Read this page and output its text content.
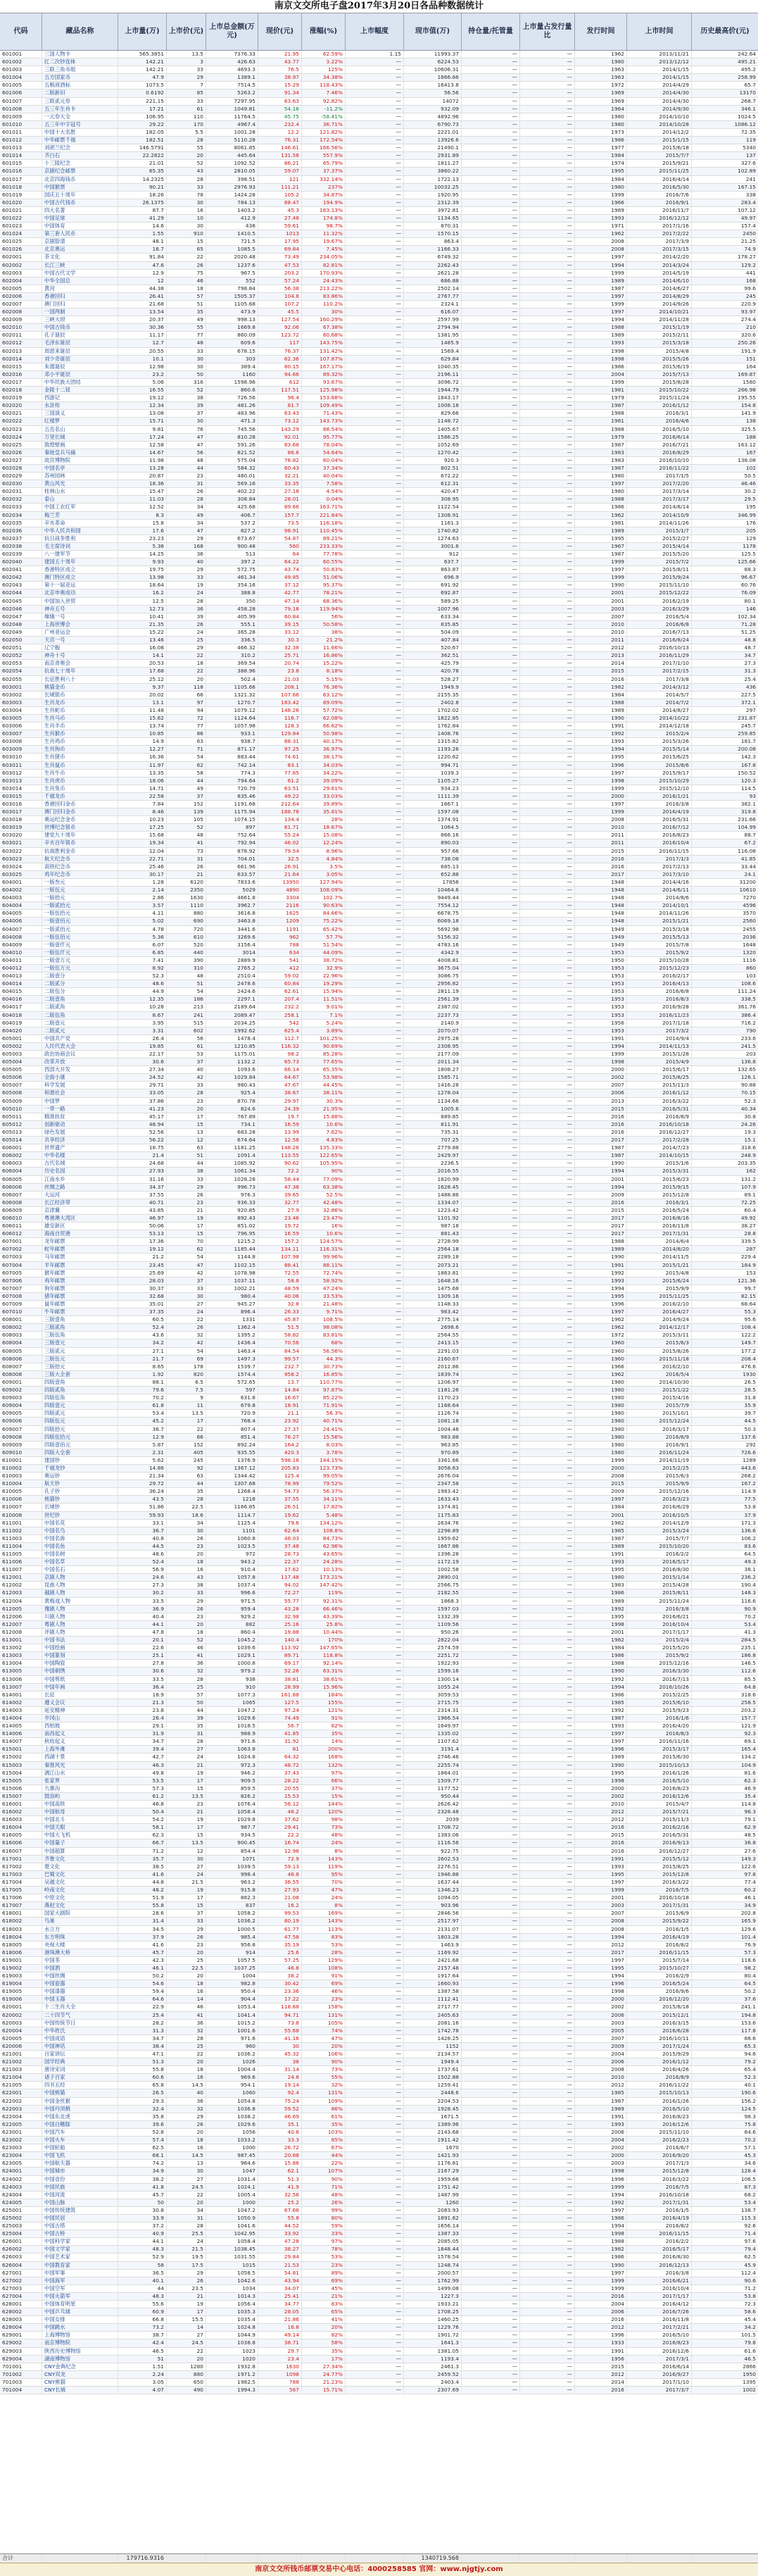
南京文交所电子盘2017年3月20日各品种数据统计
代码	藏品名称	上市量(万)	上市价(元)
上市总金额(万元)
现价(元)	涨幅(%)	上市幅度	现市值(万)	持仓量/托管量
上市量占发行量比
发行时间	上市时间	历史最高价(元)
601001	三国人物卡	565.3851	13.5	7376.33	21.95	62.59%	1.15	11993.37	—	—	1962	2013/11/21	242.64
601002	红二次钞连体	142.21	3	426.63	43.77	3.22%	—	6224.53	—	—	1980	2013/12/12	495.21
601003	三联三角币组	142.21	33	4693.3	76.5	125%	—	10606.31	—	—	1963	2014/1/15	495.2
601004	五方国家币	47.9	29	1389.1	38.97	34.38%	—	1866.66	—	—	1963	2014/1/15	258.99
601005	五粮液酒标	1073.5	7	7514.5	15.29	118.43%	—	16413.8	—	—	1972	2014/4/29	65.7
601006	二版新旧	0.6192	85	5263.2	91.34	7.46%	—	56.56	—	—	1969	2014/4/30	13170
601007	三联贰元券	221.15	33	7297.95	63.63	92.82%	—	14072	—	—	1969	2014/4/30	268.7
601008	五三年生肖卡	17.21	61	1049.81	54.16	-11.2%	—	932.09	—	—	1964	2014/9/30	346.1
601009	一元券大全	106.95	110	11764.5	45.75	-58.41%	—	4892.96	—	—	1980	2014/10/10	1024.5
601010	五三年中字冠号	29.22	170	4967.4	232.4	36.71%	—	6790.73	—	—	1980	2014/10/28	1086.12
601011	中国十大名胜	182.05	5.5	1001.28	12.2	121.82%	—	2221.01	—	—	1973	2014/12/2	72.35
601012	中华邮票千禧	182.51	28	5110.28	76.31	172.54%	—	13926.6	—	—	1986	2015/1/15	119
601013	刘胡兰纪念	146.5791	55	8061.85	146.61	166.56%	—	21490.1	—	—	1977	2015/6/18	5340
601014	齐白石	22.2822	20	445.64	131.58	557.9%	—	2931.89	—	—	1984	2015/7/7	137
601015	十三陵纪念	21.01	52	1092.52	86.21	65.79%	—	1811.27	—	—	1974	2015/9/21	327.6
601016	京剧纪念邮票	65.35	43	2810.05	59.07	37.37%	—	3860.22	—	—	1995	2015/11/25	102.89
601017	北京四海钱币	14.2325	28	398.51	121	332.14%	—	1722.13	—	—	1984	2016/4/14	241
601018	中国猴票	90.21	33	2976.93	111.21	237%	—	10032.25	—	—	1980	2016/5/30	167.15
601019	国庆五十周年	18.26	78	1424.28	105.2	34.87%	—	1920.95	—	—	1999	2016/7/6	338
601020	中国古代钱币	26.1375	30	784.13	88.47	194.9%	—	2312.39	—	—	1966	2016/9/1	283.4
601021	四大名著	87.7	16	1403.2	45.3	183.13%	—	3972.81	—	—	1989	2016/11/7	107.12
601022	中国足球	41.29	10	412.9	27.48	174.8%	—	1134.65	—	—	1993	2016/12/12	49.97
601023	中国体育	14.6	30	438	59.61	98.7%	—	870.31	—	—	1971	2017/1/16	157.4
601024	第三套人民币	1.55	910	1410.5	1013	11.32%	—	1570.15	—	—	1962	2017/2/22	2450
601025	京剧脸谱	48.1	15	721.5	17.95	19.67%	—	863.4	—	—	2008	2017/3/9	21.25
601026	北京奥运	16.7	65	1085.5	69.84	7.45%	—	1166.33	—	—	2008	2017/3/15	74.9
602001	茶文化	91.84	22	2020.48	73.49	234.05%	—	6749.32	—	—	1997	2014/2/20	178.27
602002	长江三峡	47.6	26	1237.6	47.53	82.81%	—	2262.43	—	—	1994	2014/3/24	129.2
602003	中国古代文学	12.9	75	967.5	203.2	170.93%	—	2621.28	—	—	1999	2014/5/19	441
602004	中华全国总	12	46	552	57.24	24.43%	—	686.88	—	—	1989	2014/6/10	168
602005	黄河	44.38	18	798.84	56.38	213.22%	—	2502.14	—	—	1987	2014/6/27	99.6
602006	香港回归	26.41	57	1505.37	104.8	83.86%	—	2767.77	—	—	1997	2014/8/29	245
602007	澳门回归	21.68	51	1105.68	107.2	110.2%	—	2324.1	—	—	1999	2014/9/26	220.9
602008	一国两制	13.54	35	473.9	45.5	30%	—	616.07	—	—	1997	2014/10/21	93.97
602009	三峡大坝	20.37	49	998.13	127.54	160.29%	—	2597.99	—	—	1994	2014/11/28	274.4
602010	中国古钱币	30.36	55	1669.8	92.06	67.38%	—	2794.94	—	—	1988	2015/1/19	210
602011	孔子诞辰	11.17	77	860.09	123.72	60.68%	—	1381.95	—	—	1989	2015/2/11	320.6
602012	毛泽东诞辰	12.7	48	609.6	117	143.75%	—	1485.9	—	—	1993	2015/3/18	250.26
602013	周恩来诞辰	20.55	33	678.15	76.37	131.42%	—	1569.4	—	—	1998	2015/4/8	191.9
602014	刘少奇诞辰	10.1	30	303	62.36	107.87%	—	629.84	—	—	1998	2015/5/26	151
602015	朱德诞辰	12.98	30	389.4	80.15	167.17%	—	1040.35	—	—	1986	2015/6/19	164
602016	邓小平诞辰	23.2	50	1160	94.66	89.32%	—	2196.11	—	—	2004	2015/7/13	169.87
602017	中华民族大团结	5.06	316	1598.96	612	93.67%	—	3096.72	—	—	1999	2015/8/28	1580
602018	金陵十二钗	16.55	52	860.6	117.51	125.98%	—	1944.79	—	—	1981	2015/10/22	266.98
602019	西游记	19.12	38	726.56	96.4	153.68%	—	1843.17	—	—	1979	2015/11/24	195.55
602020	水浒传	12.34	39	481.26	81.7	109.49%	—	1008.18	—	—	1987	2016/1/12	154.8
602021	三国演义	13.08	37	483.96	63.43	71.43%	—	829.66	—	—	1988	2016/3/1	141.9
602022	红楼梦	15.71	30	471.3	73.12	143.73%	—	1148.72	—	—	1981	2016/4/6	138
602023	五岳名山	9.81	76	745.56	143.29	88.54%	—	1405.67	—	—	1988	2016/5/10	325.5
602024	万里长城	17.24	47	810.28	92.01	95.77%	—	1586.25	—	—	1979	2016/6/14	188
602025	敦煌壁画	12.58	47	591.26	83.68	78.04%	—	1052.69	—	—	1987	2016/7/21	163.12
602026	秦始皇兵马俑	14.67	56	821.52	86.6	54.64%	—	1270.42	—	—	1983	2016/8/29	167
602027	故宫博物院	11.98	48	575.04	76.82	60.04%	—	920.3	—	—	1983	2016/10/10	138.08
602028	中国名亭	13.28	44	584.32	60.43	37.34%	—	802.51	—	—	1987	2016/11/22	102
602029	苏州园林	20.87	23	480.01	32.21	40.04%	—	672.22	—	—	1980	2017/1/5	50.5
602030	黄山风光	18.36	31	569.16	33.35	7.58%	—	612.31	—	—	1997	2017/2/20	46.46
602031	桂林山水	15.47	26	402.22	27.18	4.54%	—	420.47	—	—	1980	2017/3/14	30.2
602032	泰山	11.03	28	308.84	28.01	0.04%	—	308.95	—	—	1988	2017/3/17	29.5
602033	中国工农红军	12.52	34	425.68	89.66	163.71%	—	1122.54	—	—	1986	2014/8/14	195
602034	梅兰芳	8.3	49	406.7	157.7	221.84%	—	1308.91	—	—	1962	2014/10/9	346.99
602035	辛亥革命	15.8	34	537.2	73.5	116.18%	—	1161.3	—	—	1981	2014/11/26	176
602036	中华人民共和国	17.6	47	827.2	98.91	110.45%	—	1740.82	—	—	1989	2015/1/7	205
602037	抗日战争胜利	23.23	29	673.67	54.87	89.21%	—	1274.63	—	—	1995	2015/2/27	129
602038	毛主席诗词	5.36	168	900.48	560	233.33%	—	3001.6	—	—	1967	2015/4/14	1178
602039	八一建军节	14.25	36	513	64	77.78%	—	912	—	—	1987	2015/5/20	125.5
602040	建国五十周年	9.93	40	397.2	64.22	60.55%	—	637.7	—	—	1999	2015/7/2	125.66
602041	香港特区成立	19.75	29	572.75	43.74	50.83%	—	863.87	—	—	1997	2015/8/11	88.3
602042	澳门特区成立	13.98	33	461.34	49.85	51.06%	—	696.9	—	—	1999	2015/9/24	96.67
602043	第十一届亚运	18.64	19	354.16	37.12	95.37%	—	691.92	—	—	1990	2015/11/10	60.76
602044	北京申奥成功	16.2	24	388.8	42.77	78.21%	—	692.87	—	—	2001	2015/12/22	76.09
602045	中国加入世贸	12.5	28	350	47.14	68.36%	—	589.25	—	—	2001	2016/2/19	80.1
602046	神舟五号	12.73	36	458.28	79.18	119.94%	—	1007.96	—	—	2003	2016/3/29	146
602047	嫦娥一号	10.41	39	405.99	60.84	56%	—	633.34	—	—	2007	2016/5/4	102.34
602048	上海世博会	21.35	26	555.1	39.15	50.58%	—	835.85	—	—	2010	2016/6/8	71.28
602049	广州亚运会	15.22	24	365.28	33.12	38%	—	504.09	—	—	2010	2016/7/13	51.25
602050	天宫一号	13.46	25	336.5	30.3	21.2%	—	407.84	—	—	2011	2016/8/24	48.8
602051	辽宁舰	16.08	29	466.32	32.38	11.66%	—	520.67	—	—	2012	2016/10/13	48.7
602052	神舟十号	14.1	22	310.2	25.71	16.86%	—	362.51	—	—	2013	2016/11/29	34.7
602053	南京青奥会	20.53	18	369.54	20.74	15.22%	—	425.79	—	—	2014	2017/1/10	27.3
602054	抗战七十周年	17.68	22	388.96	23.8	8.18%	—	420.78	—	—	2015	2017/2/15	31.3
602055	长征胜利八十	25.12	20	502.4	21.03	5.15%	—	528.27	—	—	2016	2017/3/8	25.4
603001	熊猫金币	9.37	118	1105.66	208.1	76.36%	—	1949.9	—	—	1982	2014/3/12	436
603002	长城银币	20.02	66	1321.32	107.66	63.12%	—	2155.35	—	—	1984	2014/5/7	227.5
603003	生肖龙币	13.1	97	1270.7	183.42	89.09%	—	2402.8	—	—	1988	2014/7/2	372.1
603004	生肖蛇币	11.48	94	1079.12	148.26	57.72%	—	1702.02	—	—	1989	2014/8/27	297
603005	生肖马币	15.62	72	1124.64	116.7	62.08%	—	1822.85	—	—	1990	2014/10/22	231.87
603006	生肖羊币	13.74	77	1057.98	128.3	66.62%	—	1762.84	—	—	1991	2014/12/18	245.7
603007	生肖猴币	10.85	86	933.1	129.84	50.98%	—	1408.76	—	—	1992	2015/2/4	259.85
603008	生肖鸡币	14.9	63	938.7	88.31	40.17%	—	1315.82	—	—	1993	2015/3/26	181.7
603009	生肖狗币	12.27	71	871.17	97.25	36.97%	—	1193.26	—	—	1994	2015/5/14	200.08
603010	生肖猪币	16.36	54	883.44	74.61	38.17%	—	1220.62	—	—	1995	2015/6/25	142.3
603011	生肖鼠币	11.97	62	742.14	83.1	34.03%	—	994.71	—	—	1996	2015/8/6	167.8
603012	生肖牛币	13.35	58	774.3	77.85	34.22%	—	1039.3	—	—	1997	2015/9/17	150.52
603013	生肖虎币	18.06	44	794.64	61.2	39.09%	—	1105.27	—	—	1998	2015/10/29	120.3
603014	生肖兔币	14.71	49	720.79	63.51	29.61%	—	934.23	—	—	1999	2015/12/10	114.5
603015	千禧龙币	22.58	37	835.46	49.22	33.03%	—	1111.39	—	—	2000	2016/1/21	93
603016	香港回归金币	7.84	152	1191.68	212.64	39.89%	—	1667.1	—	—	1997	2016/3/8	382.1
603017	澳门回归金币	8.46	139	1175.94	188.78	35.81%	—	1597.08	—	—	1999	2016/4/19	319.8
603018	奥运纪念金币	10.23	105	1074.15	134.4	28%	—	1374.91	—	—	2008	2016/5/31	231.66
603019	世博纪念银币	17.25	52	897	61.71	18.67%	—	1064.5	—	—	2010	2016/7/12	104.99
603020	建党九十周年	15.68	48	752.64	55.24	15.08%	—	866.16	—	—	2011	2016/8/23	88.7
603021	辛亥百年银币	19.34	41	792.94	46.02	12.24%	—	890.03	—	—	2011	2016/10/4	67.2
603022	抗战胜利金币	12.04	73	878.92	79.54	8.96%	—	957.66	—	—	2015	2016/11/15	116.08
603023	航天纪念币	22.71	31	704.01	32.5	4.84%	—	738.08	—	—	2016	2017/1/3	41.85
603024	高铁纪念币	25.46	26	661.96	26.91	3.5%	—	685.13	—	—	2016	2017/2/13	33.44
603025	鸡年纪念币	30.17	21	633.57	21.64	3.05%	—	652.88	—	—	2017	2017/3/10	24.1
604001	一版叁元	1.28	6120	7833.6	13950	127.94%	—	17856	—	—	1948	2014/4/16	31200
604002	一版伍元	2.14	2350	5029	4890	108.09%	—	10464.6	—	—	1948	2014/6/11	10610
604003	一版拾元	2.86	1630	4661.8	3304	102.7%	—	9449.44	—	—	1948	2014/8/6	7270
604004	一版贰拾元	3.57	1110	3962.7	2116	90.63%	—	7554.12	—	—	1948	2014/10/1	4596
604005	一版伍拾元	4.11	880	3616.8	1625	84.66%	—	6678.75	—	—	1948	2014/11/26	3570
604006	一版壹佰元	5.02	690	3463.8	1209	75.22%	—	6069.18	—	—	1948	2015/1/21	2560
604007	一版贰佰元	4.78	720	3441.6	1191	65.42%	—	5692.98	—	—	1949	2015/3/18	2455
604008	一版伍佰元	5.36	610	3269.6	962	57.7%	—	5156.32	—	—	1949	2015/5/13	2036
604009	一版壹仟元	6.07	520	3156.4	788	51.54%	—	4783.16	—	—	1949	2015/7/8	1648
604010	一版伍仟元	6.85	440	3014	634	44.09%	—	4342.9	—	—	1953	2015/9/2	1320
604011	一版壹万元	7.41	390	2889.9	541	38.72%	—	4008.81	—	—	1950	2015/10/28	1116
604012	一版伍万元	8.92	310	2765.2	412	32.9%	—	3675.04	—	—	1953	2015/12/23	860
604013	二版壹分	52.3	48	2510.4	59.02	22.96%	—	3086.75	—	—	1953	2016/2/17	103
604014	二版贰分	48.6	51	2478.6	60.84	19.29%	—	2956.82	—	—	1953	2016/4/13	108.6
604015	二版伍分	44.9	54	2424.6	62.61	15.94%	—	2811.19	—	—	1953	2016/6/8	111.24
604016	二版壹角	12.35	186	2297.1	207.4	11.51%	—	2561.39	—	—	1953	2016/8/3	338.5
604017	二版贰角	10.28	213	2189.64	232.2	9.01%	—	2387.02	—	—	1953	2016/9/28	361.76
604018	二版伍角	8.67	241	2089.47	258.1	7.1%	—	2237.73	—	—	1953	2016/11/23	386.4
604019	二版壹元	3.95	515	2034.25	542	5.24%	—	2140.9	—	—	1956	2017/1/18	716.2
604020	二版贰元	3.31	602	1992.62	625.4	3.89%	—	2070.07	—	—	1953	2017/3/2	790
605001	中国共产党	26.4	56	1478.4	112.7	101.25%	—	2975.28	—	—	1991	2014/9/4	233.6
605002	人民代表大会	19.85	61	1210.85	116.32	90.69%	—	2308.95	—	—	1994	2014/11/13	241.5
605003	政治协商会议	22.17	53	1175.01	98.2	85.28%	—	2177.09	—	—	1999	2015/1/28	203
605004	改革开放	30.6	37	1132.2	65.73	77.65%	—	2011.34	—	—	1998	2015/4/9	136.8
605005	西部大开发	27.34	40	1093.6	66.14	65.35%	—	1808.27	—	—	2000	2015/6/17	132.65
605006	全面小康	24.52	42	1029.84	64.67	53.98%	—	1585.71	—	—	2002	2015/8/25	126.1
605007	科学发展	29.71	33	980.43	47.67	44.45%	—	1416.28	—	—	2007	2015/11/3	90.88
605008	和谐社会	33.05	28	925.4	38.67	38.11%	—	1278.04	—	—	2006	2016/1/12	70.15
605009	中国梦	37.86	23	870.78	29.97	30.3%	—	1134.66	—	—	2013	2016/3/22	52.3
605010	一带一路	41.23	20	824.6	24.39	21.95%	—	1005.6	—	—	2015	2016/5/31	40.34
605011	精准扶贫	45.17	17	767.89	19.7	15.88%	—	889.85	—	—	2016	2016/8/9	30.8
605012	创新驱动	48.94	15	734.1	16.59	10.6%	—	811.91	—	—	2016	2016/10/18	24.26
605013	绿色发展	52.56	13	683.28	13.99	7.62%	—	735.31	—	—	2016	2016/12/27	19.3
605014	共享经济	56.22	12	674.64	12.58	4.83%	—	707.25	—	—	2017	2017/2/28	15.1
606001	世界遗产	18.75	63	1181.25	148.26	135.33%	—	2779.88	—	—	1987	2014/7/23	318.6
606002	中华名楼	21.4	51	1091.4	113.55	122.65%	—	2429.97	—	—	1987	2014/10/15	248.9
606003	古代名城	24.68	44	1085.92	90.62	105.95%	—	2236.5	—	—	1990	2015/1/6	203.35
606004	历史名园	27.93	38	1061.34	72.2	90%	—	2016.55	—	—	1994	2015/3/31	162
606005	江南水乡	31.16	33	1028.28	58.44	77.09%	—	1820.99	—	—	2001	2015/6/23	131.2
606006	丝绸之路	34.37	29	996.73	47.38	63.38%	—	1628.45	—	—	1994	2015/9/15	107.9
606007	大运河	37.55	26	976.3	39.65	52.5%	—	1488.86	—	—	2009	2015/12/8	89.1
606008	长江经济带	40.71	23	936.33	32.77	42.48%	—	1334.07	—	—	2016	2016/3/1	72.25
606009	京津冀	43.85	21	920.85	27.9	32.86%	—	1223.42	—	—	2015	2016/5/24	60.4
606010	粤港澳大湾区	46.97	19	892.43	23.46	23.47%	—	1101.92	—	—	2017	2016/8/16	49.92
606011	雄安新区	50.06	17	851.02	19.72	16%	—	987.18	—	—	2017	2016/11/8	38.27
606012	海南自贸港	53.13	15	796.95	16.59	10.6%	—	881.43	—	—	2017	2017/1/31	28.8
607001	龙年邮票	17.36	70	1215.2	157.2	124.57%	—	2728.99	—	—	1988	2014/6/4	339.5
607002	蛇年邮票	19.12	62	1185.44	134.11	116.31%	—	2564.18	—	—	1989	2014/8/20	287
607003	马年邮票	21.2	54	1144.8	107.98	99.96%	—	2289.18	—	—	1990	2014/11/5	229.4
607004	羊年邮票	23.45	47	1102.15	88.41	88.11%	—	2073.21	—	—	1991	2015/1/21	184.9
607005	猴年邮票	25.69	42	1078.98	72.55	72.74%	—	1863.81	—	—	1992	2015/4/8	153
607006	鸡年邮票	28.03	37	1037.11	58.8	58.92%	—	1648.16	—	—	1993	2015/6/24	121.36
607007	狗年邮票	30.37	33	1002.21	48.59	47.24%	—	1475.68	—	—	1994	2015/9/9	99.7
607008	猪年邮票	32.68	30	980.4	40.06	33.53%	—	1309.16	—	—	1995	2015/11/25	82.15
607009	鼠年邮票	35.01	27	945.27	32.8	21.48%	—	1148.33	—	—	1996	2016/2/10	68.64
607010	牛年邮票	37.35	24	896.4	26.33	9.71%	—	983.42	—	—	1997	2016/4/27	55.3
608001	三版壹角	60.5	22	1331	45.87	108.5%	—	2775.14	—	—	1962	2014/9/24	95.6
608002	三版贰角	52.4	26	1362.4	51.5	98.08%	—	2698.6	—	—	1962	2014/12/17	108.4
608003	三版伍角	43.6	32	1395.2	58.82	83.81%	—	2564.55	—	—	1972	2015/3/11	122.2
608004	三版壹元	34.2	42	1436.4	70.56	68%	—	2413.15	—	—	1960	2015/6/3	149.7
608005	三版贰元	27.1	54	1463.4	84.54	56.56%	—	2291.03	—	—	1960	2015/8/26	177.2
608006	三版伍元	21.7	69	1497.3	99.57	44.3%	—	2160.67	—	—	1960	2015/11/18	208.4
608007	三版拾元	8.65	178	1539.7	232.7	30.73%	—	2012.86	—	—	1966	2016/2/10	476.6
608008	三版大全套	1.92	820	1574.4	958.2	16.85%	—	1839.74	—	—	1962	2016/5/4	1930
609001	四版壹角	88.1	6.5	572.65	13.7	110.77%	—	1206.97	—	—	1980	2014/10/30	26.5
609002	四版贰角	79.6	7.5	597	14.84	97.87%	—	1181.26	—	—	1980	2015/1/22	28.5
609003	四版伍角	70.2	9	631.8	16.67	85.22%	—	1170.23	—	—	1980	2015/4/16	31.8
609004	四版壹元	61.8	11	679.8	18.91	71.91%	—	1168.64	—	—	1980	2015/7/9	35.9
609005	四版贰元	53.4	13.5	720.9	21.1	56.3%	—	1126.74	—	—	1980	2015/10/1	39.7
609006	四版伍元	45.2	17	768.4	23.92	40.71%	—	1081.18	—	—	1980	2015/12/24	44.5
609007	四版拾元	36.7	22	807.4	27.37	24.41%	—	1004.48	—	—	1980	2016/3/17	50.3
609008	四版伍拾元	12.9	66	851.4	76.27	15.56%	—	983.88	—	—	1980	2016/6/9	137.6
609009	四版壹佰元	5.87	152	892.24	164.2	8.03%	—	963.85	—	—	1980	2016/9/1	292
609010	四版大全套	2.31	405	935.55	420.3	3.78%	—	970.89	—	—	1980	2016/11/24	726.6
610001	建国钞	5.62	245	1376.9	598.16	144.15%	—	3361.66	—	—	1999	2014/11/19	1289
610002	千禧龙钞	14.86	92	1367.12	205.83	123.73%	—	3058.63	—	—	2000	2015/2/25	443.6
610003	奥运钞	21.34	63	1344.42	125.4	99.05%	—	2676.04	—	—	2008	2015/6/3	268.2
610004	航天钞	29.72	44	1307.68	78.99	79.52%	—	2347.58	—	—	2015	2015/9/9	167.2
610005	孔子钞	36.24	35	1268.4	54.73	56.37%	—	1983.42	—	—	2009	2015/12/16	114.9
610006	熊猫钞	43.5	28	1218	37.55	34.11%	—	1633.43	—	—	1997	2016/3/23	77.5
610007	长城钞	51.86	22.5	1166.85	26.51	17.82%	—	1374.81	—	—	1984	2016/6/29	53.8
610008	世纪钞	59.93	18.6	1114.7	19.62	5.48%	—	1175.83	—	—	2001	2016/10/5	37.9
611001	中国名花	33.1	34	1125.4	79.6	134.12%	—	2634.76	—	—	1982	2014/12/9	171.3
611002	中国名鸟	36.7	30	1101	62.64	108.8%	—	2298.89	—	—	1985	2015/3/24	136.6
611003	中国名兽	40.8	26	1060.8	48.03	84.73%	—	1959.62	—	—	1987	2015/7/7	106.2
611004	中国名鱼	44.5	23	1023.5	37.48	62.96%	—	1667.86	—	—	1989	2015/10/20	83.6
611005	中国名树	48.6	20	972	28.73	43.65%	—	1396.28	—	—	1991	2016/2/2	64.5
611006	中国名草	52.4	18	943.2	22.37	24.28%	—	1172.19	—	—	1993	2016/5/17	49.3
611007	中国名石	56.9	16	910.4	17.62	10.13%	—	1002.58	—	—	1995	2016/8/30	38.1
612001	京剧人物	24.6	43	1057.8	117.48	173.21%	—	2890.01	—	—	1980	2015/1/14	236.2
612002	昆曲人物	27.3	38	1037.4	94.02	147.42%	—	2566.75	—	—	1983	2015/4/28	190.4
612003	越剧人物	30.2	33	996.6	72.27	119%	—	2182.55	—	—	1986	2015/8/11	148.3
612004	黄梅戏人物	33.5	29	971.5	55.77	92.31%	—	1868.3	—	—	1989	2015/11/24	116.6
612005	豫剧人物	36.9	26	959.4	43.28	66.46%	—	1597.03	—	—	1992	2016/3/8	90.9
612006	川剧人物	40.4	23	929.2	32.98	43.39%	—	1332.39	—	—	1995	2016/6/21	70.2
612007	粤剧人物	44.1	20	882	25.16	25.8%	—	1109.56	—	—	1998	2016/10/4	53.4
612008	评剧人物	47.8	18	860.4	19.88	10.44%	—	950.26	—	—	2001	2017/1/17	41.3
613001	中国书法	20.1	52	1045.2	140.4	170%	—	2822.04	—	—	1982	2015/2/4	284.5
613002	中国绘画	22.6	46	1039.6	113.92	147.65%	—	2574.59	—	—	1984	2015/5/20	235.1
613003	中国篆刻	25.1	41	1029.1	89.71	118.8%	—	2251.72	—	—	1986	2015/9/2	186.8
613004	中国陶瓷	27.8	36	1000.8	69.17	92.14%	—	1922.93	—	—	1988	2015/12/16	146.5
613005	中国刺绣	30.6	32	979.2	52.26	63.31%	—	1599.16	—	—	1990	2016/3/30	112.6
613006	中国剪纸	33.5	28	938	38.81	38.61%	—	1300.14	—	—	1992	2016/7/13	85.5
613007	中国年画	36.4	25	910	28.99	15.96%	—	1055.24	—	—	1994	2016/10/26	64.8
614001	长征	18.9	57	1077.3	161.88	184%	—	3059.53	—	—	1986	2015/2/25	318.6
614002	遵义会议	21.3	50	1065	127.5	155%	—	2715.75	—	—	1985	2015/6/10	258.5
614003	延安精神	23.8	44	1047.2	97.24	121%	—	2314.31	—	—	1992	2015/9/23	203.2
614004	井冈山	26.4	39	1029.6	74.49	91%	—	1966.54	—	—	1987	2016/1/6	157.7
614005	西柏坡	29.1	35	1018.5	56.7	62%	—	1649.97	—	—	1993	2016/4/20	121.9
614006	南昌起义	31.9	31	988.9	41.85	35%	—	1335.02	—	—	1997	2016/8/3	92.3
614007	秋收起义	34.7	28	971.6	31.92	14%	—	1107.62	—	—	1997	2016/11/16	69.1
615001	上海外滩	39.4	27	1063.8	81	200%	—	3191.4	—	—	1996	2015/3/17	165.4
615002	西湖十景	42.7	24	1024.8	64.32	168%	—	2746.46	—	—	1989	2015/6/30	134.2
615003	秦淮风光	46.3	21	972.3	48.72	132%	—	2255.74	—	—	1990	2015/10/13	104.9
615004	漓江山水	49.8	19	946.2	37.43	97%	—	1864.01	—	—	1995	2016/1/26	81.6
615005	张家界	53.5	17	909.5	28.22	66%	—	1509.77	—	—	1998	2016/5/10	62.3
615006	九寨沟	57.3	15	859.5	20.55	37%	—	1177.52	—	—	2000	2016/8/23	46.9
615007	鼓浪屿	61.2	13.5	826.2	15.53	15%	—	950.44	—	—	2002	2016/12/6	35.4
616001	中国高铁	46.8	23	1076.4	56.12	144%	—	2626.42	—	—	2010	2015/4/7	114.8
616002	中国航母	50.4	21	1058.4	46.2	120%	—	2328.48	—	—	2012	2015/7/21	96.3
616003	中国北斗	54.2	19	1029.8	37.62	98%	—	2039	—	—	2012	2015/11/3	79.1
616004	中国天眼	58.1	17	987.7	29.41	73%	—	1708.72	—	—	2016	2016/2/16	62.9
616005	中国大飞机	62.3	15	934.5	22.2	48%	—	1383.06	—	—	2015	2016/5/31	48.5
616006	中国量子	66.7	13.5	900.45	16.74	24%	—	1116.56	—	—	2016	2016/9/13	36.8
616007	中国超算	71.2	12	854.4	12.96	8%	—	922.75	—	—	2016	2016/12/27	27.6
617001	齐鲁文化	35.7	30	1071	72.9	143%	—	2602.53	—	—	1991	2015/5/12	149.3
617002	楚文化	38.5	27	1039.5	59.13	119%	—	2276.51	—	—	1993	2015/8/25	122.6
617003	巴蜀文化	41.6	24	998.4	46.8	95%	—	1946.88	—	—	1995	2015/12/8	97.8
617004	吴越文化	44.8	21.5	963.2	36.55	70%	—	1637.44	—	—	1997	2016/3/22	77.4
617005	岭南文化	48.2	19	915.8	27.93	47%	—	1346.23	—	—	1999	2016/7/5	60.2
617006	中原文化	51.9	17	882.3	21.08	24%	—	1094.05	—	—	2001	2016/10/18	46.1
617007	燕赵文化	55.8	15	837	16.2	8%	—	903.96	—	—	2003	2017/1/31	34.9
618001	国家大剧院	28.6	37	1058.2	99.53	169%	—	2846.56	—	—	2007	2015/6/9	202.8
618002	鸟巢	31.4	33	1036.2	80.19	143%	—	2517.97	—	—	2008	2015/9/22	165.9
618003	水立方	34.5	29	1000.5	61.77	113%	—	2131.07	—	—	2008	2016/1/5	129.6
618004	东方明珠	37.9	26	985.4	47.58	83%	—	1803.28	—	—	1994	2016/4/19	101.4
618005	央视大楼	41.6	23	956.8	35.19	53%	—	1463.9	—	—	2012	2016/8/2	76.9
618006	港珠澳大桥	45.7	20	914	25.6	28%	—	1169.92	—	—	2017	2016/11/15	57.3
619001	中国茶	42.3	25	1057.5	57.25	129%	—	2421.68	—	—	1997	2015/7/14	118.6
619002	中国酒	46.1	22.5	1037.25	46.8	108%	—	2157.48	—	—	1995	2015/10/27	98.2
619003	中国丝绸	50.2	20	1004	38.2	91%	—	1917.64	—	—	1994	2016/2/9	80.4
619004	中国瓷器	54.6	18	982.8	30.42	69%	—	1660.93	—	—	1996	2016/5/24	64.5
619005	中国漆器	59.4	16	950.4	23.36	46%	—	1387.58	—	—	1998	2016/9/6	50.2
619006	中国玉器	64.6	14	904.4	17.22	23%	—	1112.41	—	—	2000	2016/12/20	37.6
620001	十二生肖大全	22.9	46	1053.4	118.68	158%	—	2717.77	—	—	2002	2015/8/18	241.1
620002	二十四节气	25.4	41	1041.4	94.71	131%	—	2405.63	—	—	2006	2015/12/1	194.8
620003	中国传统节日	28.2	36	1015.2	73.8	105%	—	2081.16	—	—	2003	2016/3/15	153.6
620004	中华姓氏	31.3	32	1001.6	55.68	74%	—	1742.78	—	—	2005	2016/6/28	117.8
620005	中国成语	34.7	28	971.6	41.16	47%	—	1428.25	—	—	2007	2016/10/11	88.6
620006	中国神话	38.4	25	960	30	20%	—	1152	—	—	2009	2017/1/24	65.3
621001	百家讲坛	47.1	22	1036.2	45.32	106%	—	2134.57	—	—	2004	2015/9/29	94.6
621002	国学经典	51.3	20	1026	38	90%	—	1949.4	—	—	2006	2016/1/12	79.2
621003	唐诗宋词	55.8	18	1004.4	31.14	73%	—	1737.61	—	—	2008	2016/4/26	65.4
621004	诸子百家	60.6	16	969.6	24.8	55%	—	1502.88	—	—	2010	2016/8/9	52.3
621005	四书五经	65.8	14.5	954.1	19.14	32%	—	1259.41	—	—	2012	2016/11/22	40.1
622001	中国熊猫	26.5	40	1060	92.4	131%	—	2448.6	—	—	1985	2015/10/13	190.6
622002	中国金丝猴	29.3	36	1054.8	75.24	109%	—	2204.53	—	—	1987	2016/1/26	156.2
622003	中国丹顶鹤	32.4	32	1036.8	59.52	86%	—	1928.45	—	—	1989	2016/5/10	124.5
622004	中国东北虎	35.8	29	1038.2	46.69	61%	—	1671.5	—	—	1991	2016/8/23	98.3
622005	中国白鳍豚	39.6	26	1029.6	35.1	35%	—	1389.96	—	—	1993	2016/12/6	75.8
623001	中国汽车	52.8	20	1056	40.6	103%	—	2143.68	—	—	2006	2015/11/10	84.6
623002	中国火车	57.4	18	1033.2	33.3	85%	—	1911.42	—	—	2004	2016/2/23	70.2
623003	中国轮船	62.5	16	1000	26.72	67%	—	1670	—	—	2002	2016/6/7	57.1
623004	中国飞机	68.1	14.5	987.45	20.88	44%	—	1421.93	—	—	2000	2016/9/20	45.3
623005	中国航天器	74.2	13	964.6	15.86	22%	—	1176.81	—	—	2003	2017/1/3	34.6
624001	中国城市	34.9	30	1047	62.1	107%	—	2167.29	—	—	1998	2015/12/8	128.4
624002	中国省份	38.2	27	1031.4	51.3	90%	—	1959.66	—	—	1996	2016/3/22	106.5
624003	中国民族	41.8	24.5	1024.1	41.9	71%	—	1751.42	—	—	1999	2016/7/5	87.3
624004	中国河流	45.7	22	1005.4	32.56	48%	—	1487.99	—	—	1994	2016/10/18	68.2
624005	中国山脉	50	20	1000	25.2	26%	—	1260	—	—	1992	2017/1/31	53.4
625001	中国传统建筑	30.8	34	1047.2	67.66	99%	—	2083.93	—	—	1997	2016/1/5	138.7
625002	中国民居	33.9	31	1050.9	55.8	80%	—	1891.62	—	—	1986	2016/4/19	115.3
625003	中国古塔	37.2	28	1041.6	44.52	59%	—	1656.14	—	—	1994	2016/8/2	92.6
625004	中国古桥	40.9	25.5	1042.95	33.92	33%	—	1387.33	—	—	1998	2016/11/15	71.4
626001	中国科学家	44.1	24	1058.4	47.28	97%	—	2085.05	—	—	1988	2016/2/2	97.6
626002	中国文学家	48.3	21.5	1038.45	38.27	78%	—	1848.44	—	—	1982	2016/5/17	79.4
626003	中国艺术家	52.9	19.5	1031.55	29.84	53%	—	1578.54	—	—	1986	2016/8/30	62.5
626004	中国教育家	58	17.5	1015	21.53	23%	—	1248.74	—	—	1990	2016/12/13	45.9
627001	中国军事	36.5	29	1058.5	54.81	89%	—	2000.57	—	—	1997	2016/3/8	112.4
627002	中国海军	40.1	26	1042.6	43.94	69%	—	1762.99	—	—	1999	2016/6/21	90.6
627003	中国空军	44	23.5	1034	34.07	45%	—	1499.08	—	—	1999	2016/10/4	71.2
627004	中国火箭军	48.3	21	1014.3	25.41	21%	—	1227.3	—	—	2016	2017/1/17	53.8
628001	中国体育明星	55.6	19	1056.4	34.77	83%	—	1933.21	—	—	2004	2016/4/12	72.3
628002	中国乒乓球	60.9	17	1035.3	28.05	65%	—	1708.25	—	—	2006	2016/7/26	58.6
628003	中国女排	66.8	15.5	1035.4	21.86	41%	—	1460.25	—	—	2016	2016/11/8	45.4
628004	中国跳水	73.2	14	1024.8	16.8	20%	—	1229.76	—	—	2012	2017/2/21	34.2
629001	上海博物馆	38.7	27	1044.9	49.14	82%	—	1901.72	—	—	1996	2016/5/10	101.5
629002	南京博物院	42.4	24.5	1038.8	38.71	58%	—	1641.3	—	—	1933	2016/8/23	79.8
629003	陕西历史博物馆	46.5	22	1023	29.7	35%	—	1381.05	—	—	1991	2016/12/6	61.6
629004	湖南博物馆	51	20	1020	23.4	17%	—	1193.4	—	—	1956	2017/3/1	46.5
701001	CNY金典纪念	1.51	1280	1932.8	1630	27.34%	—	2461.3	—	—	2015	2016/6/14	2866
701002	CNY双龙	2.24	880	1971.2	1098	24.77%	—	2459.52	—	—	2012	2016/9/27	1950
701003	CNY熊猫	3.05	650	1982.5	788	21.23%	—	2403.4	—	—	2014	2017/1/10	1395
701004	CNY长城	4.07	490	1994.3	567	15.71%	—	2307.69	—	—	2016	2017/3/7	1002
合计	179716.9316	1340719.568
南京文交所钱币邮票交易中心电话：4000258585 官网：www.njgtjy.com
